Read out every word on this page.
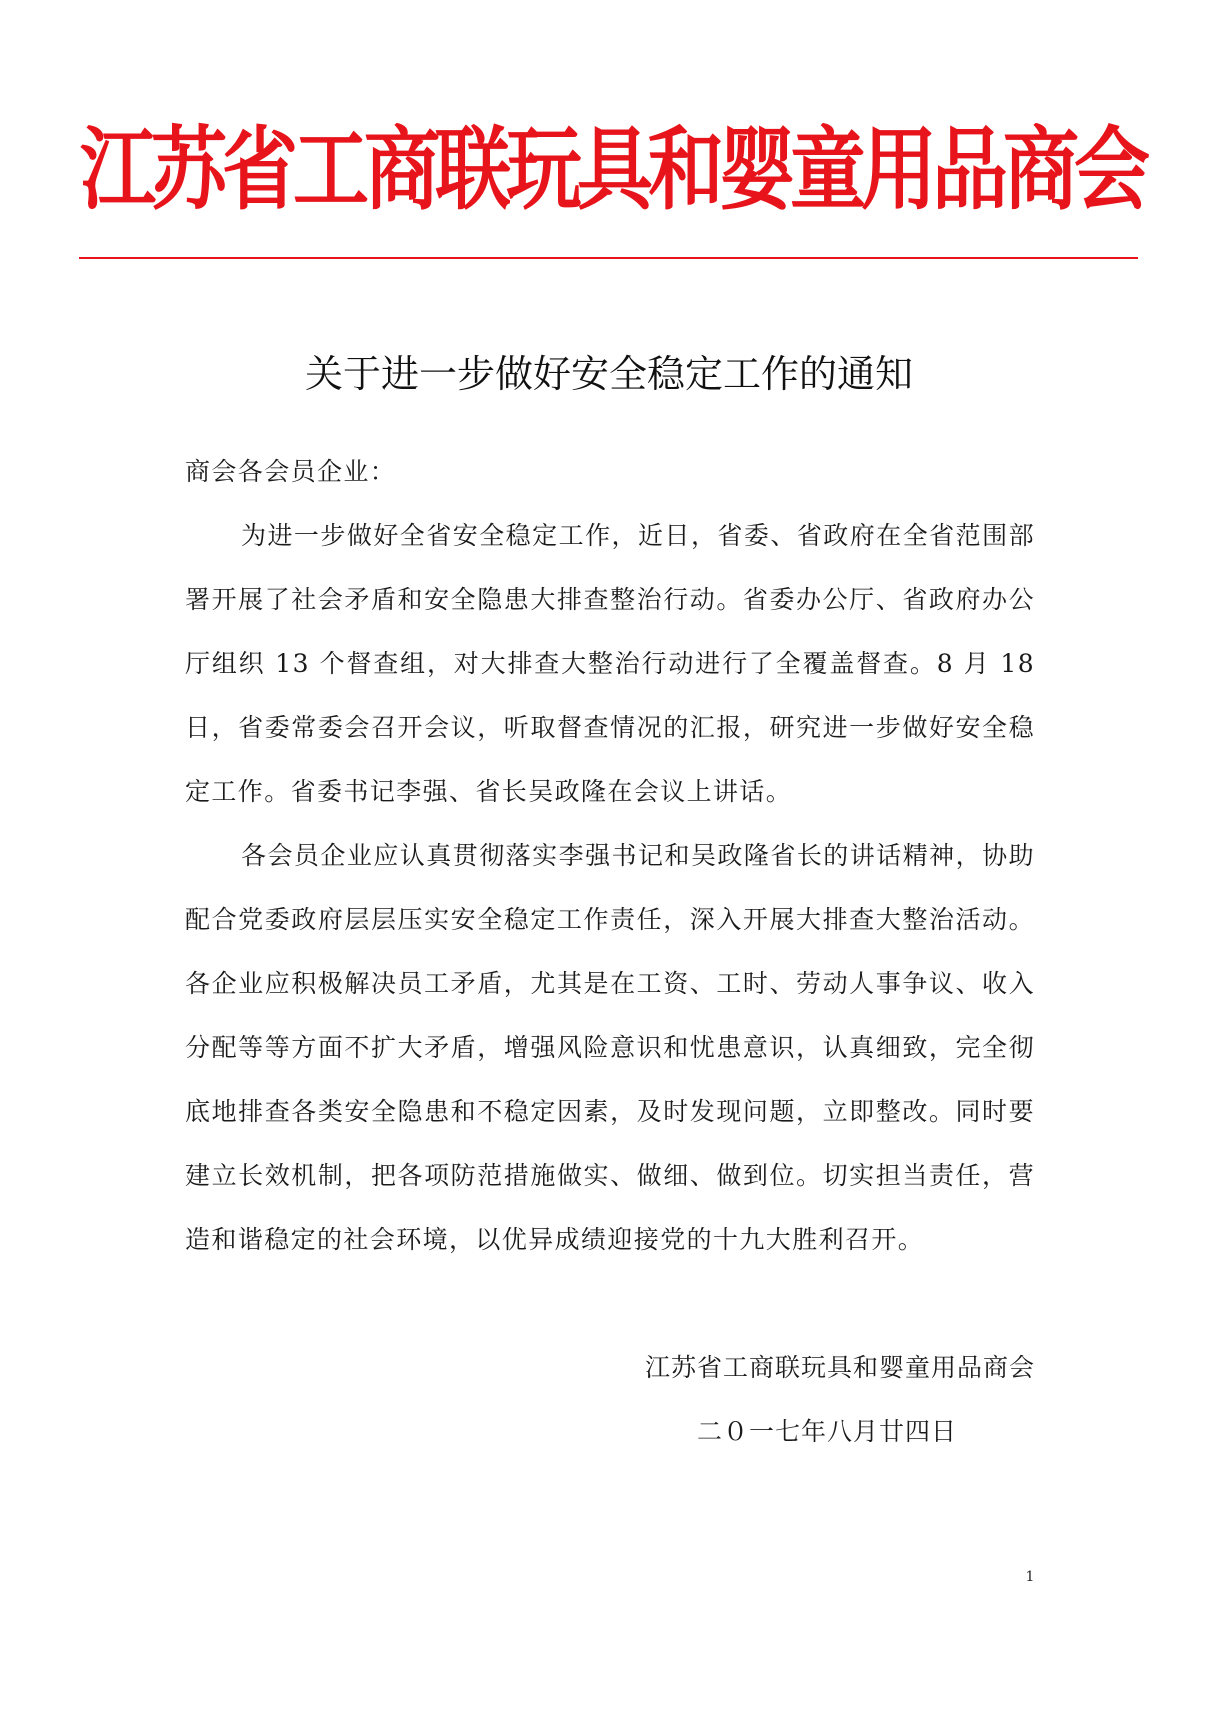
江苏省工商联玩具和婴童用品商会
关于进一步做好安全稳定工作的通知

商会各会员企业：

为进一步做好全省安全稳定工作，近日，省委、省政府在全省范围部署开展了社会矛盾和安全隐患大排查整治行动。省委办公厅、省政府办公厅组织 13 个督查组，对大排查大整治行动进行了全覆盖督查。8 月 18 日，省委常委会召开会议，听取督查情况的汇报，研究进一步做好安全稳定工作。省委书记李强、省长吴政隆在会议上讲话。

各会员企业应认真贯彻落实李强书记和吴政隆省长的讲话精神，协助配合党委政府层层压实安全稳定工作责任，深入开展大排查大整治活动。各企业应积极解决员工矛盾，尤其是在工资、工时、劳动人事争议、收入分配等等方面不扩大矛盾，增强风险意识和忧患意识，认真细致，完全彻底地排查各类安全隐患和不稳定因素，及时发现问题，立即整改。同时要建立长效机制，把各项防范措施做实、做细、做到位。切实担当责任，营造和谐稳定的社会环境，以优异成绩迎接党的十九大胜利召开。

江苏省工商联玩具和婴童用品商会
二０一七年八月廿四日
1
